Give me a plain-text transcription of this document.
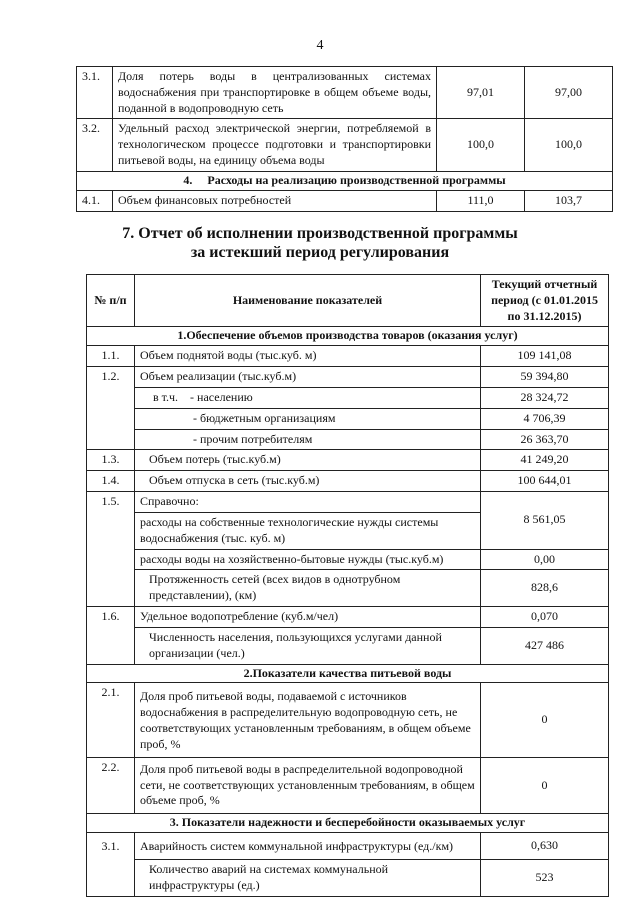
4
3.1.	Доля потерь воды в централизованных системах водоснабжения при транспортировке в общем объеме воды, поданной в водопроводную сеть	97,01	97,00
3.2.	Удельный расход электрической энергии, потребляемой в технологическом процессе подготовки и транспортировки питьевой воды, на единицу объема воды	100,0	100,0
4. Расходы на реализацию производственной программы			
4.1.	Объем финансовых потребностей	111,0	103,7
7. Отчет об исполнении производственной программы
за истекший период регулирования
№ п/п	Наименование показателей	Текущий отчетный период (с 01.01.2015 по 31.12.2015)
1.Обеспечение объемов производства товаров (оказания услуг)		
1.1.	Объем поднятой воды (тыс.куб. м)	109 141,08
1.2.	Объем реализации (тыс.куб.м)	59 394,80
	в т.ч.    - населению	28 324,72
	- бюджетным организациям	4 706,39
	- прочим потребителям	26 363,70
1.3.	Объем потерь (тыс.куб.м)	41 249,20
1.4.	Объем отпуска в сеть (тыс.куб.м)	100 644,01
1.5.	Справочно:	8 561,05
	расходы на собственные технологические нужды системы водоснабжения (тыс. куб. м)	
	расходы воды на хозяйственно-бытовые нужды (тыс.куб.м)	0,00
	Протяженность сетей (всех видов в однотрубном представлении), (км)	828,6
1.6.	Удельное водопотребление (куб.м/чел)	0,070
	Численность населения, пользующихся услугами данной организации (чел.)	427 486
2.Показатели качества питьевой воды		
2.1.	Доля проб питьевой воды, подаваемой с источников водоснабжения в распределительную водопроводную сеть, не соответствующих установленным требованиям, в общем объеме проб, %	0
2.2.	Доля проб питьевой воды в распределительной водопроводной сети, не соответствующих установленным требованиям, в общем объеме проб, %	0
3. Показатели надежности и бесперебойности оказываемых услуг		
3.1.	Аварийность систем коммунальной инфраструктуры (ед./км)	0,630
	Количество аварий на системах коммунальной инфраструктуры (ед.)	523
